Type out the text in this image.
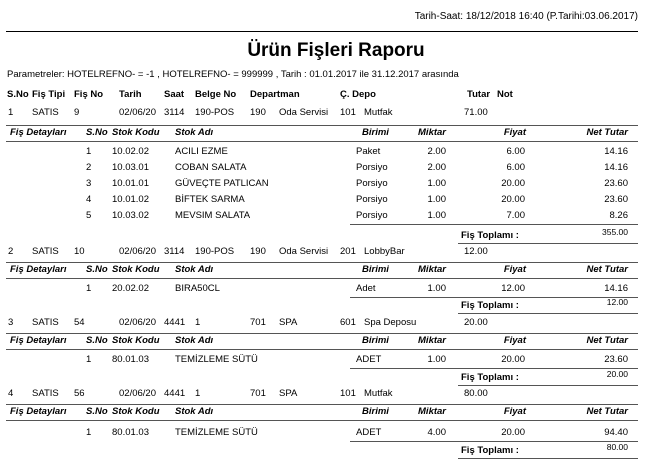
Tarih-Saat: 18/12/2018 16:40 (P.Tarihi:03.06.2017)
Ürün Fişleri Raporu
Parametreler: HOTELREFNO- = -1 , HOTELREFNO- = 999999 , Tarih : 01.01.2017 ile 31.12.2017 arasında
S.No Fiş Tipi Fiş No Tarih Saat Belge No Departman	Ç. Depo	Tutar Not
1 SATIS 9	02/06/20 3114 190-POS 190 Oda Servisi 101 Mutfak	71.00
Fiş Detayları S.No Stok Kodu Stok Adı	Birimi	Miktar	Fiyat	Net Tutar
1 10.02.02	ACILI EZME	Paket	2.00	6.00	14.16
2 10.03.01	COBAN SALATA	Porsiyo	2.00	6.00	14.16
3 10.01.01	GÜVEÇTE PATLICAN	Porsiyo	1.00	20.00	23.60
4 10.01.02	BİFTEK SARMA	Porsiyo	1.00	20.00	23.60
5 10.03.02	MEVSIM SALATA	Porsiyo	1.00	7.00	8.26
Fiş Toplamı :	355.00
2 SATIS 10	02/06/20 3114 190-POS 190 Oda Servisi 201 LobbyBar	12.00
Fiş Detayları S.No Stok Kodu Stok Adı	Birimi	Miktar	Fiyat	Net Tutar
1 20.02.02	BIRA50CL	Adet	1.00	12.00	14.16
Fiş Toplamı :	12.00
3 SATIS 54	02/06/20 4441 1	701 SPA	601 Spa Deposu	20.00
Fiş Detayları S.No Stok Kodu Stok Adı	Birimi	Miktar	Fiyat	Net Tutar
1 80.01.03	TEMİZLEME SÜTÜ	ADET	1.00	20.00	23.60
Fiş Toplamı :	20.00
4 SATIS 56	02/06/20 4441 1	701 SPA	101 Mutfak	80.00
Fiş Detayları S.No Stok Kodu Stok Adı	Birimi	Miktar	Fiyat	Net Tutar
1 80.01.03	TEMİZLEME SÜTÜ	ADET	4.00	20.00	94.40
Fiş Toplamı :	80.00
